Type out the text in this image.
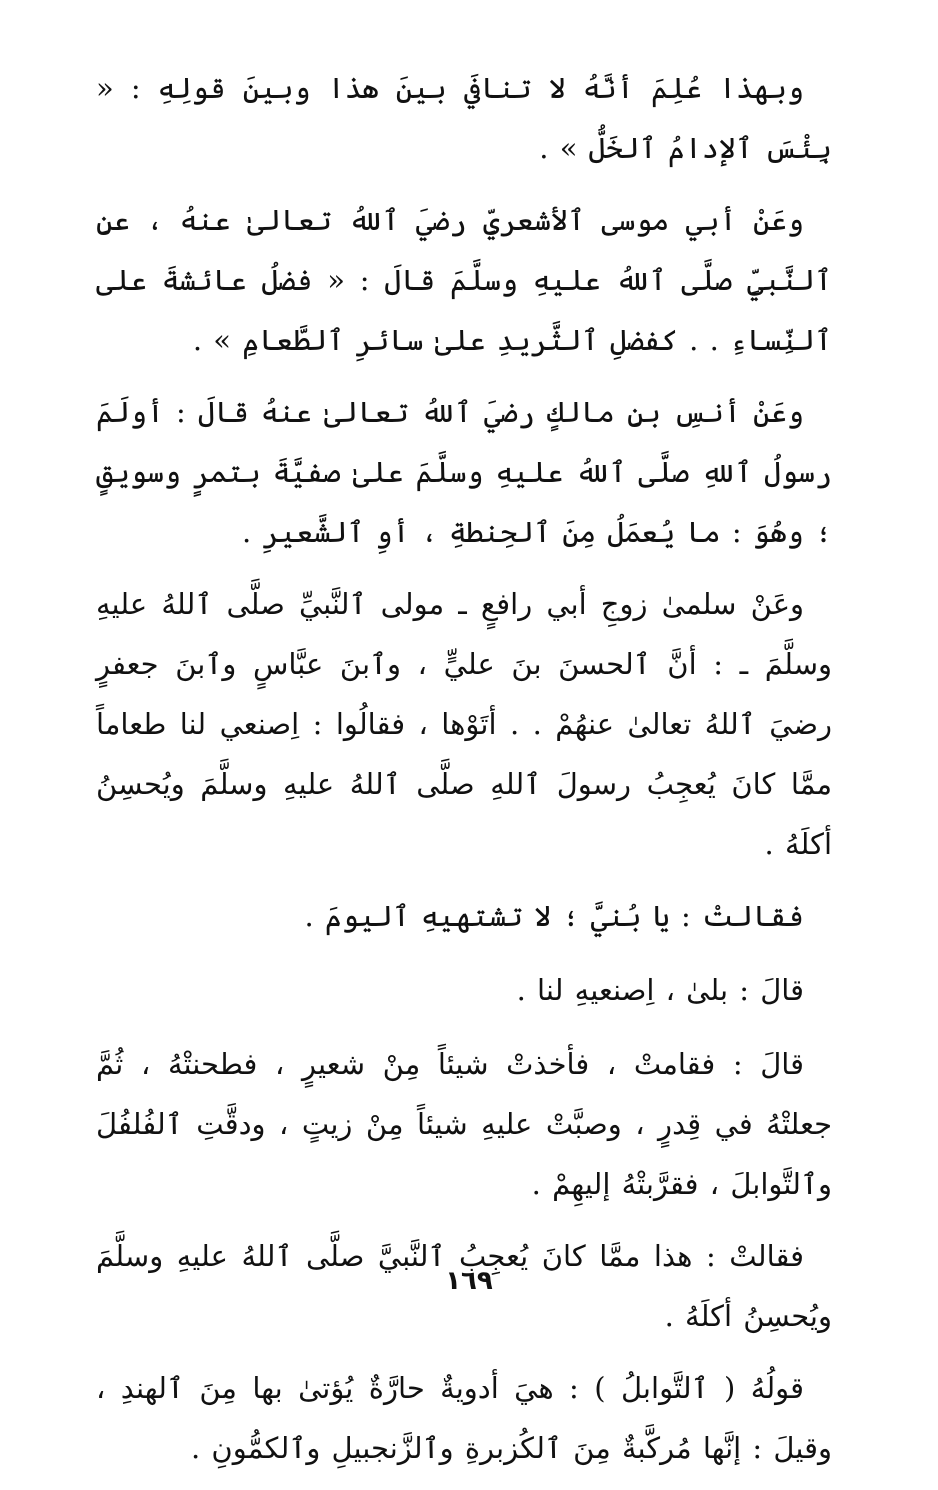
وبهذا عُلِمَ أنَّهُ لا تنافيَ بينَ هذا وبينَ قولِهِ : « بِئْسَ ٱلإدامُ ٱلخَلُّ » .

وعَنْ أبي موسى ٱلأشعريِّ رضيَ ٱللهُ تعالىٰ عنهُ ، عنِ ٱلنَّبيِّ صلَّى ٱللهُ عليهِ وسلَّمَ قالَ : « فضلُ عائشةَ على ٱلنِّساءِ . . كفضلِ ٱلثَّريدِ علىٰ سائرِ ٱلطَّعامِ » .

وعَنْ أنسِ بنِ مالكٍ رضيَ ٱللهُ تعالىٰ عنهُ قالَ : أولَمَ رسولُ ٱللهِ صلَّى ٱللهُ عليهِ وسلَّمَ علىٰ صفيَّةَ بتمرٍ وسويقٍ ؛ وهُوَ : ما يُعمَلُ مِنَ ٱلحِنطةِ ، أوِ ٱلشَّعيرِ .

وعَنْ سلمىٰ زوجِ أبي رافعٍ ـ مولى ٱلنَّبيِّ صلَّى ٱللهُ عليهِ وسلَّمَ ـ : أنَّ ٱلحسنَ بنَ عليٍّ ، وٱبنَ عبَّاسٍ وٱبنَ جعفرٍ رضيَ ٱللهُ تعالىٰ عنهُمْ . . أتَوْها ، فقالُوا : اِصنعي لنا طعاماً ممَّا كانَ يُعجِبُ رسولَ ٱللهِ صلَّى ٱللهُ عليهِ وسلَّمَ ويُحسِنُ أكلَهُ .

فقالتْ : يا بُنيَّ ؛ لا تشتهيهِ ٱليومَ .

قالَ : بلىٰ ، اِصنعيهِ لنا .

قالَ : فقامتْ ، فأخذتْ شيئاً مِنْ شعيرٍ ، فطحنتْهُ ، ثُمَّ جعلتْهُ في قِدرٍ ، وصبَّتْ عليهِ شيئاً مِنْ زيتٍ ، ودقَّتِ ٱلفُلفُلَ وٱلتَّوابلَ ، فقرَّبتْهُ إليهِمْ .

فقالتْ : هذا ممَّا كانَ يُعجِبُ ٱلنَّبيَّ صلَّى ٱللهُ عليهِ وسلَّمَ ويُحسِنُ أكلَهُ .

قولُهُ ( ٱلتَّوابلُ ) : هيَ أدويةٌ حارَّةٌ يُؤتىٰ بها مِنَ ٱلهندِ ، وقيلَ : إنَّها مُركَّبةٌ مِنَ ٱلكُزبرةِ وٱلزَّنجبيلِ وٱلكمُّونِ .

١٦٩
